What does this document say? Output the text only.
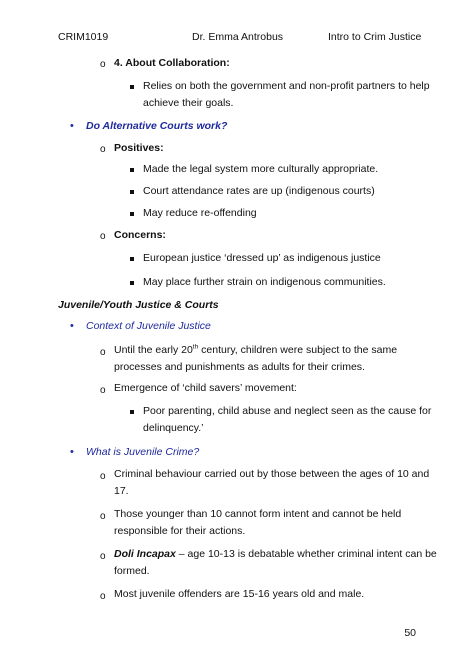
CRIM1019	Dr. Emma Antrobus	Intro to Crim Justice
o 4. About Collaboration:
Relies on both the government and non-profit partners to help
achieve their goals.
• Do Alternative Courts work?
o Positives:
Made the legal system more culturally appropriate.
Court attendance rates are up (indigenous courts)
May reduce re-offending
o Concerns:
European justice ‘dressed up’ as indigenous justice
May place further strain on indigenous communities.
Juvenile/Youth Justice & Courts
• Context of Juvenile Justice
o Until the early 20th century, children were subject to the same
processes and punishments as adults for their crimes.
o Emergence of ‘child savers’ movement:
Poor parenting, child abuse and neglect seen as the cause for
delinquency.’
• What is Juvenile Crime?
o Criminal behaviour carried out by those between the ages of 10 and
17.
o Those younger than 10 cannot form intent and cannot be held
responsible for their actions.
o Doli Incapax – age 10-13 is debatable whether criminal intent can be
formed.
o Most juvenile offenders are 15-16 years old and male.
50
